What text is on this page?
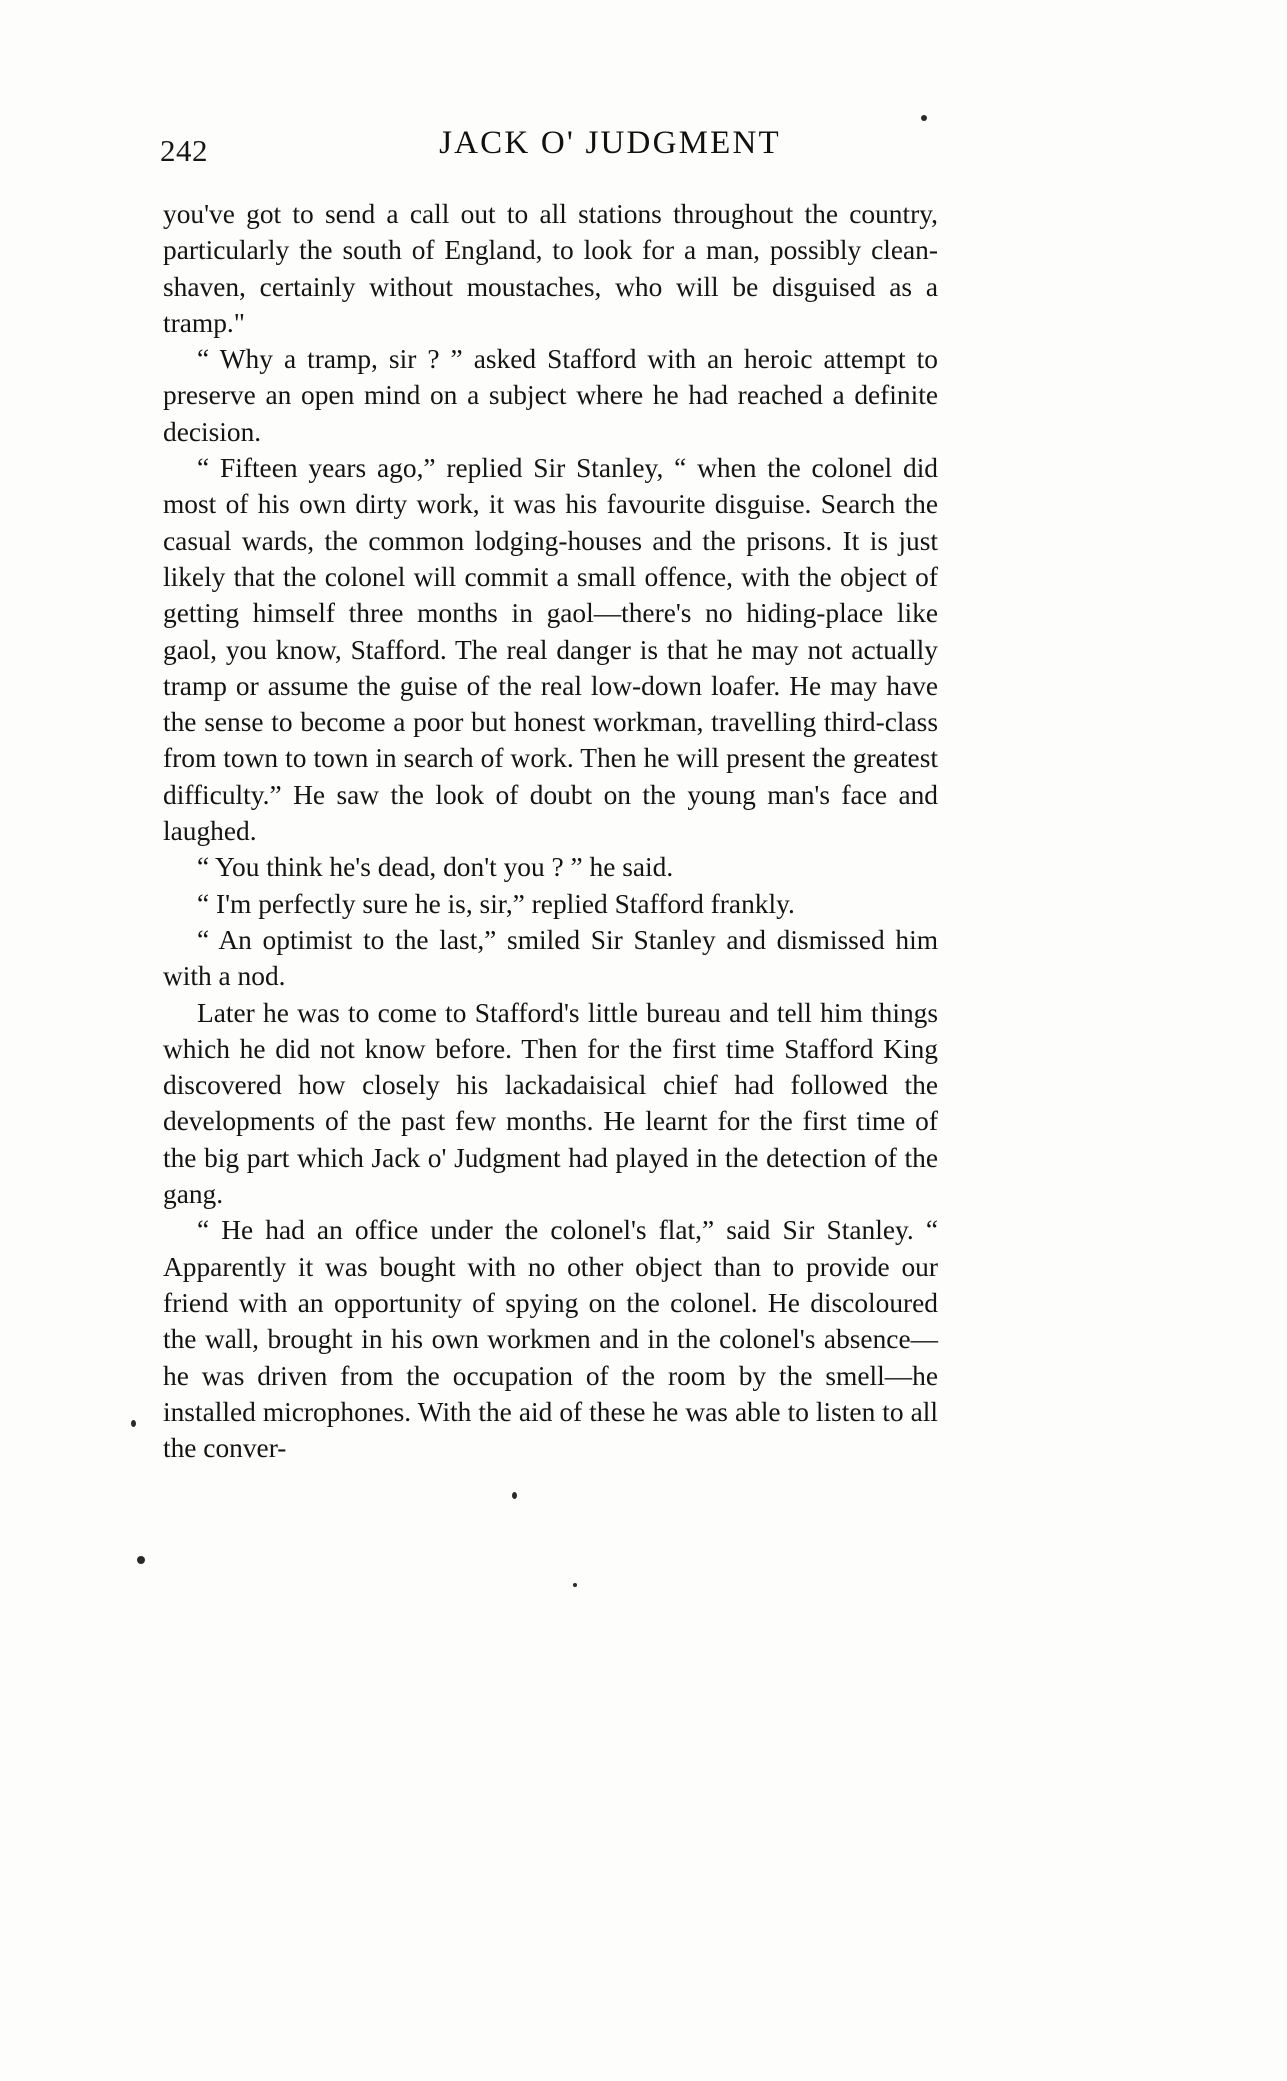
242	JACK O' JUDGMENT

you've got to send a call out to all stations throughout the country, particularly the south of England, to look for a man, possibly clean-shaven, certainly without moustaches, who will be disguised as a tramp."

“ Why a tramp, sir ? ” asked Stafford with an heroic attempt to preserve an open mind on a subject where he had reached a definite decision.

“ Fifteen years ago,” replied Sir Stanley, “ when the colonel did most of his own dirty work, it was his favourite disguise. Search the casual wards, the common lodging-houses and the prisons. It is just likely that the colonel will commit a small offence, with the object of getting himself three months in gaol—there's no hiding-place like gaol, you know, Stafford. The real danger is that he may not actually tramp or assume the guise of the real low-down loafer. He may have the sense to become a poor but honest workman, travelling third-class from town to town in search of work. Then he will present the greatest difficulty.” He saw the look of doubt on the young man's face and laughed.

“ You think he's dead, don't you ? ” he said.

“ I'm perfectly sure he is, sir,” replied Stafford frankly.

“ An optimist to the last,” smiled Sir Stanley and dismissed him with a nod.

Later he was to come to Stafford's little bureau and tell him things which he did not know before. Then for the first time Stafford King discovered how closely his lackadaisical chief had followed the developments of the past few months. He learnt for the first time of the big part which Jack o' Judgment had played in the detection of the gang.

“ He had an office under the colonel's flat,” said Sir Stanley. “ Apparently it was bought with no other object than to provide our friend with an opportunity of spying on the colonel. He discoloured the wall, brought in his own workmen and in the colonel's absence—he was driven from the occupation of the room by the smell—he installed microphones. With the aid of these he was able to listen to all the conver-
